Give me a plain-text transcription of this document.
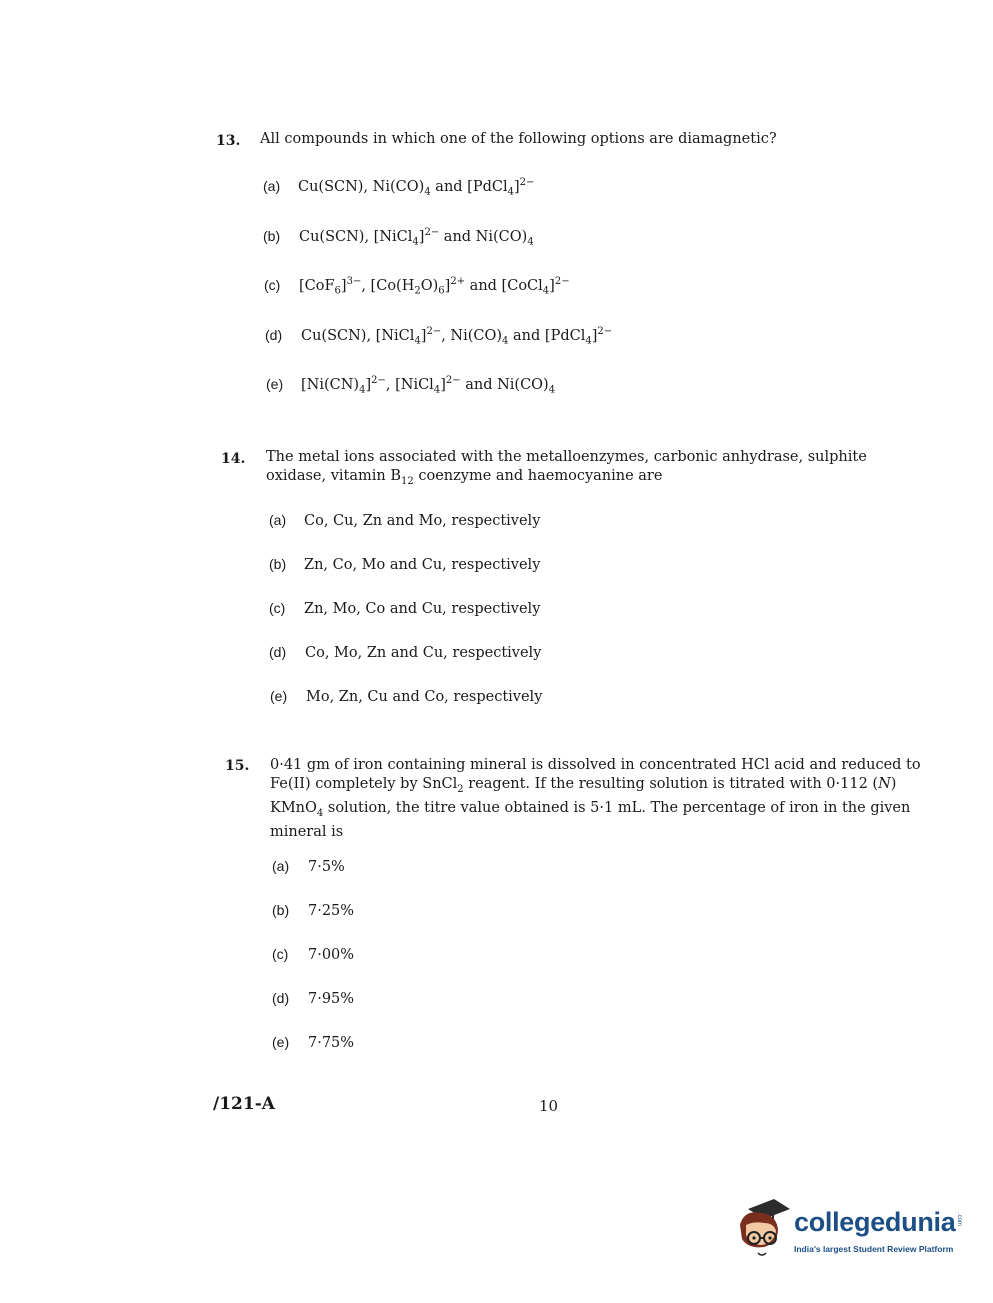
13. All compounds in which one of the following options are diamagnetic?
(a) Cu(SCN), $Ni(CO)_4$ and [PdCl$_4$]$^{2-}$
(b) Cu(SCN), [NiCl$_4$]$^{2-}$ and $Ni(CO)_4$
(c) $[CoF_6]^{3-}$, $[Co(H_2O)_6]^{2+}$ and [CoCl$_4$]$^{2-}$
(d) Cu(SCN), [NiCl$_4$]$^{2-}$, $Ni(CO)_4$ and [PdCl$_4$]$^{2-}$
(e) $[Ni(CN)_4]^{2-}$, [NiCl$_4$]$^{2-}$ and $Ni(CO)_4$
14. The metal ions associated with the metalloenzymes, carbonic anhydrase, sulphite
oxidase, vitamin $B_{12}$ coenzyme and haemocyanine are
(a) Co, Cu, Zn and Mo, respectively
(b) Zn, Co, Mo and Cu, respectively
(c) Zn, Mo, Co and Cu, respectively
(d) Co, Mo, Zn and Cu, respectively
(e) Mo, Zn, Cu and Co, respectively
15. 0·41 gm of iron containing mineral is dissolved in concentrated HCl acid and reduced to
Fe(II) completely by SnCl$_2$ reagent. If the resulting solution is titrated with 0·112 (N)
KMnO$_4$ solution, the titre value obtained is 5·1 mL. The percentage of iron in the given
mineral is
(a) 7·5%
(b) 7·25%
(c) 7·00%
(d) 7·95%
(e) 7·75%
/121-A	10
collegedunia .com
India's largest Student Review Platform
